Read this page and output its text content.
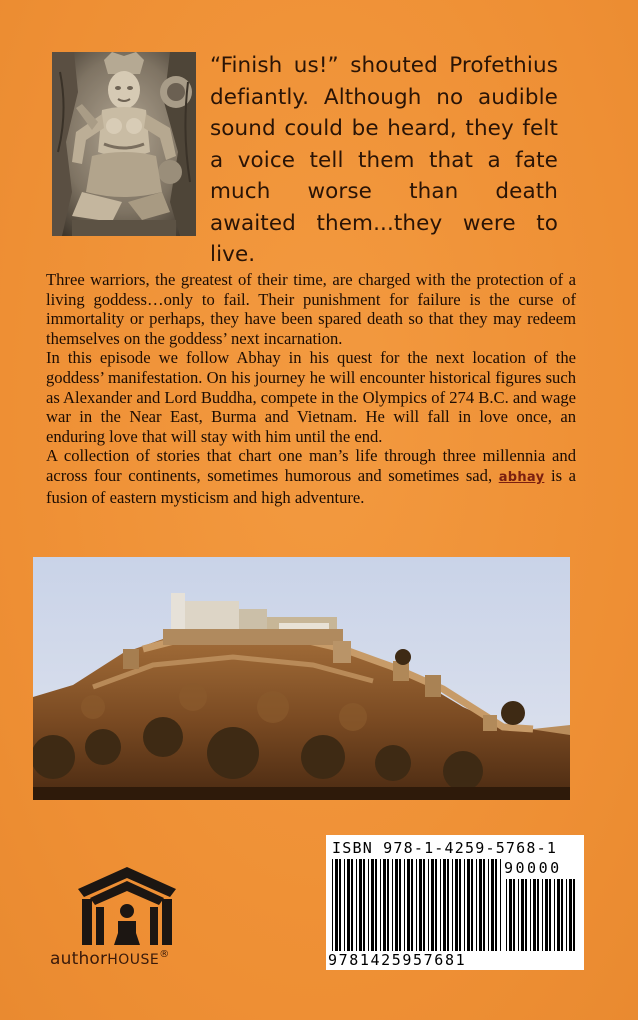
“Finish us!” shouted Profethius defiantly. Although no audible sound could be heard, they felt a voice tell them that a fate much worse than death awaited them...they were to live.

Three warriors, the greatest of their time, are charged with the protection of a living goddess…only to fail. Their punishment for failure is the curse of immortality or perhaps, they have been spared death so that they may redeem themselves on the goddess’ next incarnation.

In this episode we follow Abhay in his quest for the next location of the goddess’ manifestation. On his journey he will encounter historical figures such as Alexander and Lord Buddha, compete in the Olympics of 274 B.C. and wage war in the Near East, Burma and Vietnam. He will fall in love once, an enduring love that will stay with him until the end.

A collection of stories that chart one man’s life through three millennia and across four continents, sometimes humorous and sometimes sad, abhay is a fusion of eastern mysticism and high adventure.

authorHOUSE®
ISBN 978-1-4259-5768-1
90000
9781425957681
